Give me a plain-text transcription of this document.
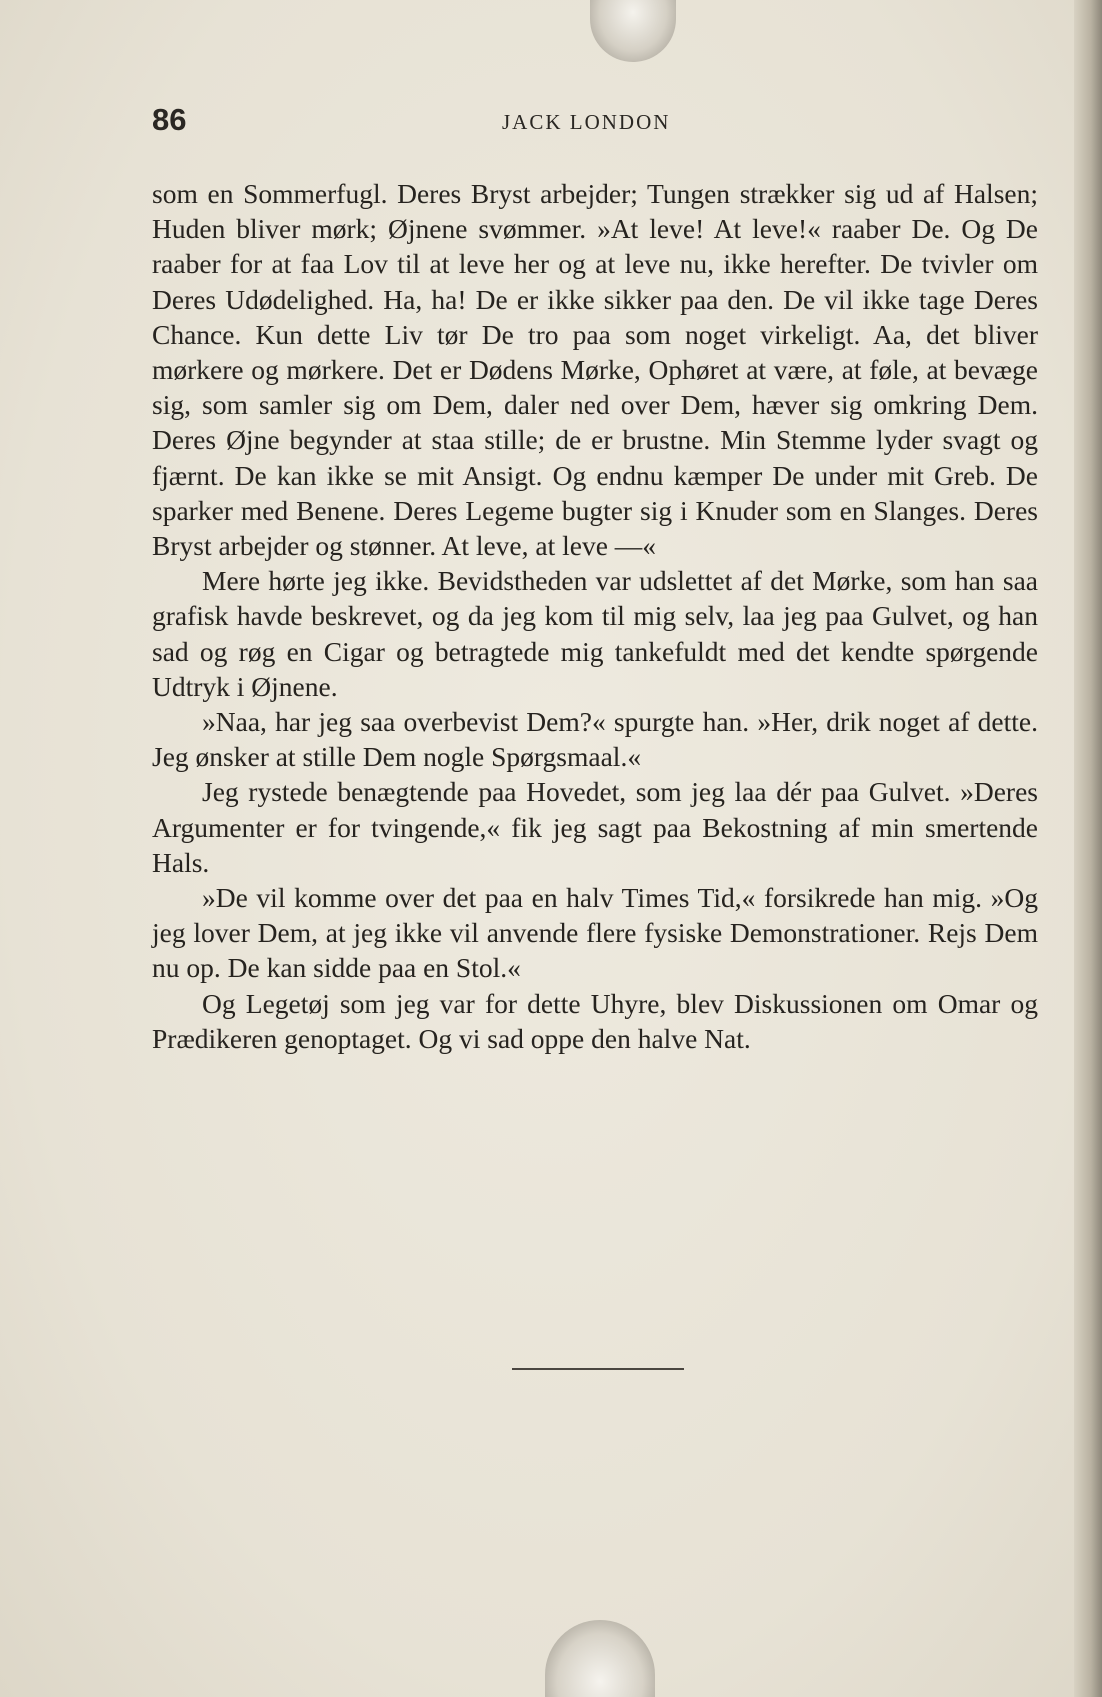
86	JACK LONDON

som en Sommerfugl. Deres Bryst arbejder; Tungen strækker sig ud af Halsen; Huden bliver mørk; Øjnene svømmer. »At leve! At leve!« raaber De. Og De raaber for at faa Lov til at leve her og at leve nu, ikke herefter. De tvivler om Deres Udødelighed. Ha, ha! De er ikke sikker paa den. De vil ikke tage Deres Chance. Kun dette Liv tør De tro paa som noget virkeligt. Aa, det bliver mørkere og mørkere. Det er Dødens Mørke, Ophøret at være, at føle, at bevæge sig, som samler sig om Dem, daler ned over Dem, hæver sig omkring Dem. Deres Øjne begynder at staa stille; de er brustne. Min Stemme lyder svagt og fjærnt. De kan ikke se mit Ansigt. Og endnu kæmper De under mit Greb. De sparker med Benene. Deres Legeme bugter sig i Knuder som en Slanges. Deres Bryst arbejder og stønner. At leve, at leve —«

Mere hørte jeg ikke. Bevidstheden var udslettet af det Mørke, som han saa grafisk havde beskrevet, og da jeg kom til mig selv, laa jeg paa Gulvet, og han sad og røg en Cigar og betragtede mig tankefuldt med det kendte spørgende Udtryk i Øjnene.

»Naa, har jeg saa overbevist Dem?« spurgte han. »Her, drik noget af dette. Jeg ønsker at stille Dem nogle Spørgsmaal.«

Jeg rystede benægtende paa Hovedet, som jeg laa dér paa Gulvet. »Deres Argumenter er for tvingende,« fik jeg sagt paa Bekostning af min smertende Hals.

»De vil komme over det paa en halv Times Tid,« forsikrede han mig. »Og jeg lover Dem, at jeg ikke vil anvende flere fysiske Demonstrationer. Rejs Dem nu op. De kan sidde paa en Stol.«

Og Legetøj som jeg var for dette Uhyre, blev Diskussionen om Omar og Prædikeren genoptaget. Og vi sad oppe den halve Nat.
